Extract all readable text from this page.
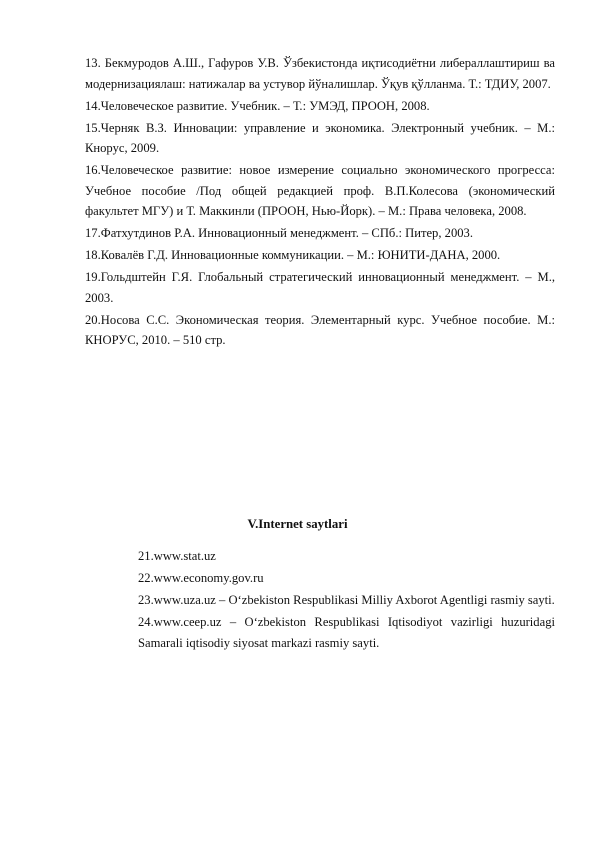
13. Бекмуродов А.Ш., Гафуров У.В. Ўзбекистонда иқтисодиётни либераллаштириш ва модернизациялаш: натижалар ва устувор йўналишлар. Ўқув қўлланма. Т.: ТДИУ, 2007.

14.Человеческое развитие. Учебник. – Т.: УМЭД, ПРООН, 2008.

15.Черняк В.З. Инновации: управление и экономика. Электронный учебник. – М.: Кнорус, 2009.

16.Человеческое развитие: новое измерение социально экономического прогресса: Учебное пособие /Под общей редакцией проф. В.П.Колесова (экономический факультет МГУ) и Т. Маккинли (ПРООН, Нью-Йорк). – М.: Права человека, 2008.

17.Фатхутдинов Р.А. Инновационный менеджмент. – СПб.: Питер, 2003.

18.Ковалёв Г.Д. Инновационные коммуникации. – М.: ЮНИТИ-ДАНА, 2000.

19.Гольдштейн Г.Я. Глобальный стратегический инновационный менеджмент. – М., 2003.

20.Носова С.С. Экономическая теория. Элементарный курс. Учебное пособие. М.: КНОРУС, 2010. – 510 стр.

V.Internet saytlari

21.www.stat.uz

22.www.economy.gov.ru

23.www.uza.uz – O‘zbekiston Respublikasi Milliy Axborot Agentligi rasmiy sayti.

24.www.ceep.uz – O‘zbekiston Respublikasi Iqtisodiyot vazirligi huzuridagi Samarali iqtisodiy siyosat markazi rasmiy sayti.
